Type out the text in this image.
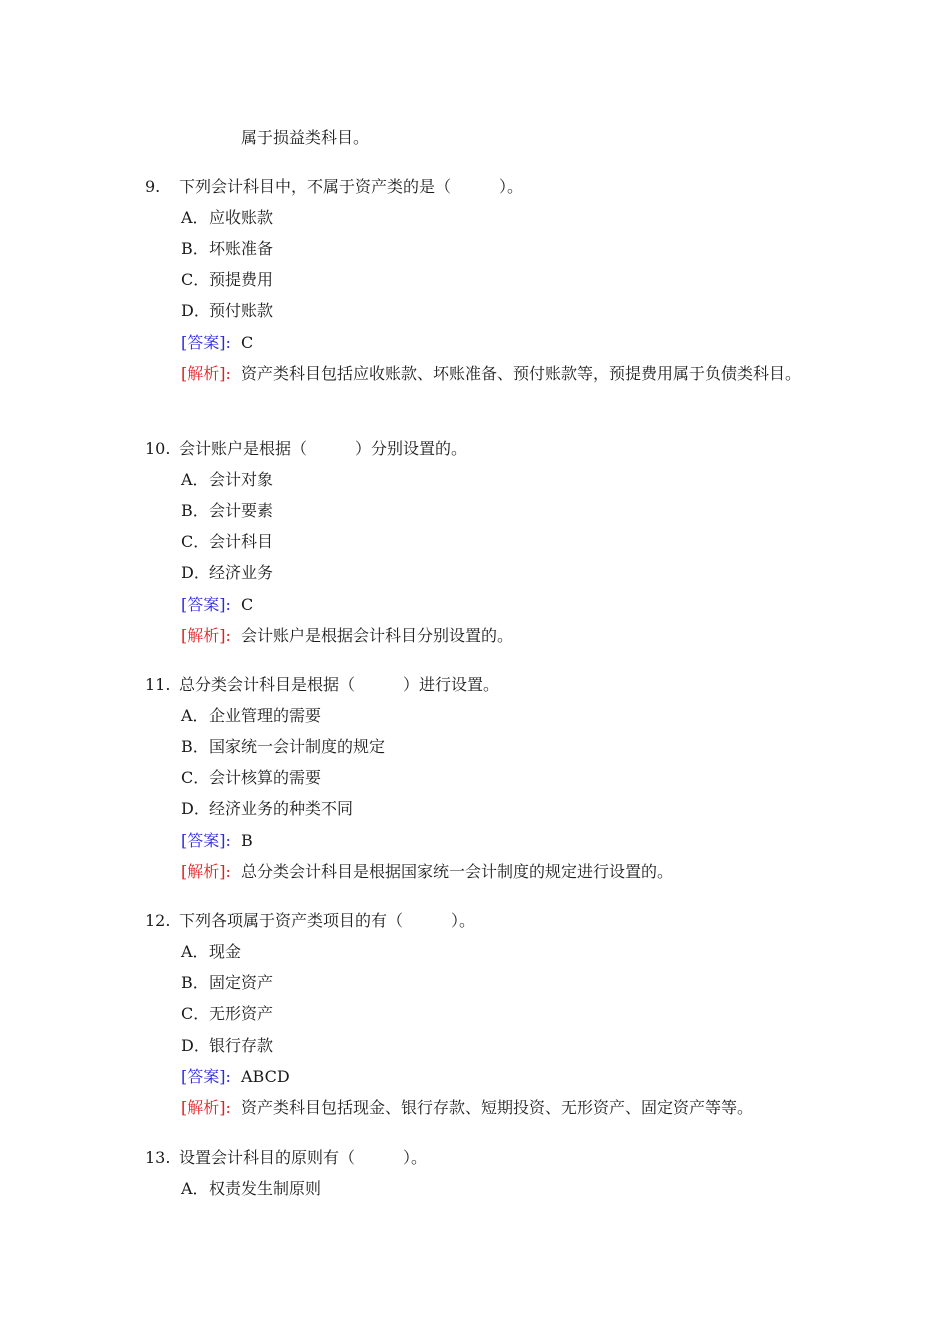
属于损益类科目。
9. 下列会计科目中，不属于资产类的是（　　　）。
A．应收账款
B．坏账准备
C．预提费用
D．预付账款
[答案]: C
[解析]: 资产类科目包括应收账款、坏账准备、预付账款等，预提费用属于负债类科目。
10. 会计账户是根据（　　　）分别设置的。
A．会计对象
B．会计要素
C．会计科目
D．经济业务
[答案]: C
[解析]: 会计账户是根据会计科目分别设置的。
11. 总分类会计科目是根据（　　　）进行设置。
A．企业管理的需要
B．国家统一会计制度的规定
C．会计核算的需要
D．经济业务的种类不同
[答案]: B
[解析]: 总分类会计科目是根据国家统一会计制度的规定进行设置的。
12. 下列各项属于资产类项目的有（　　　）。
A．现金
B．固定资产
C．无形资产
D．银行存款
[答案]: ABCD
[解析]: 资产类科目包括现金、银行存款、短期投资、无形资产、固定资产等等。
13. 设置会计科目的原则有（　　　）。
A．权责发生制原则
